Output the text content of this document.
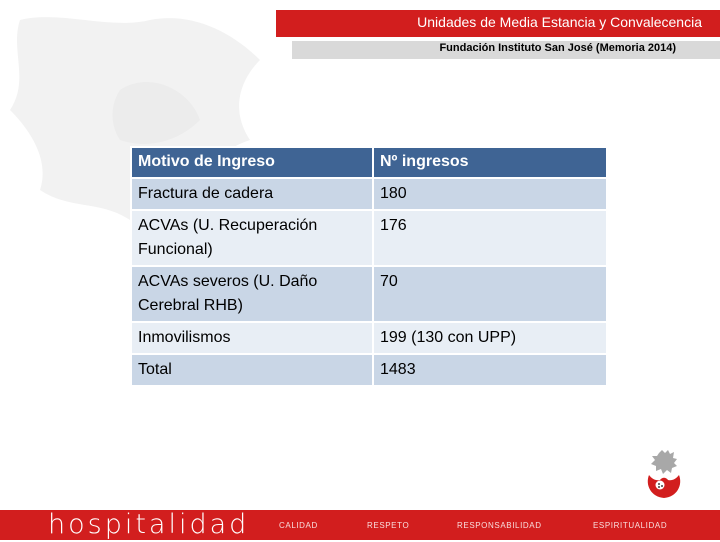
Unidades de Media Estancia y Convalecencia
Fundación Instituto San José (Memoria 2014)
Motivo de Ingreso	Nº ingresos
Fractura de cadera	180
ACVAs (U. Recuperación Funcional)	176
ACVAs severos (U. Daño Cerebral RHB)	70
Inmovilismos	199 (130 con UPP)
Total	1483
hospitalidad	CALIDAD	RESPETO	RESPONSABILIDAD	ESPIRITUALIDAD
